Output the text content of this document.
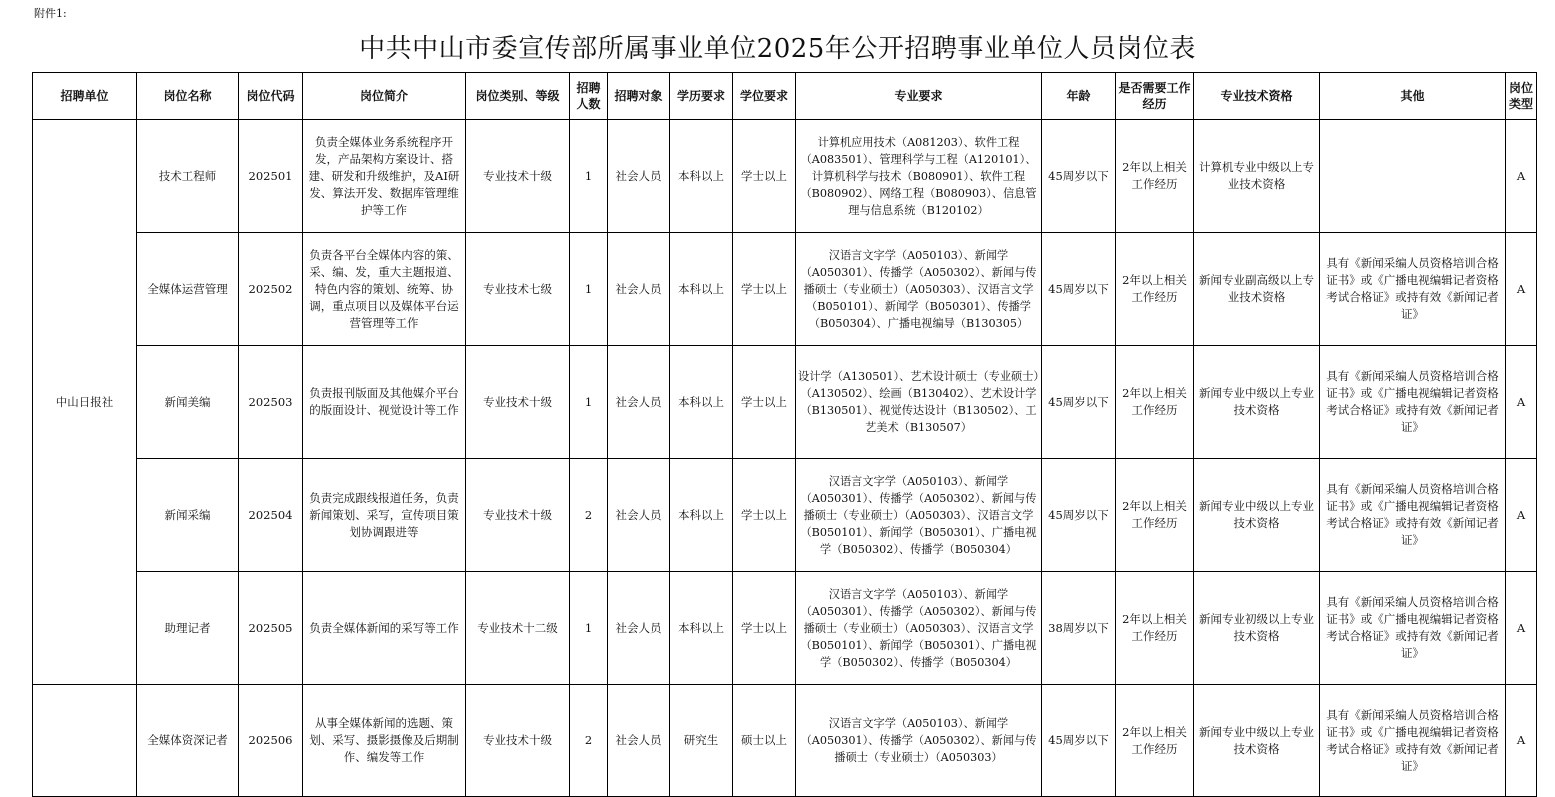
附件1:
中共中山市委宣传部所属事业单位2025年公开招聘事业单位人员岗位表
招聘单位	岗位名称	岗位代码	岗位简介	岗位类别、等级	招聘人数	招聘对象	学历要求	学位要求	专业要求	年龄	是否需要工作经历	专业技术资格	其他	岗位类型
中山日报社	技术工程师	202501	负责全媒体业务系统程序开发，产品架构方案设计、搭建、研发和升级维护，及AI研发、算法开发、数据库管理维护等工作	专业技术十级	1	社会人员	本科以上	学士以上	计算机应用技术（A081203）、软件工程（A083501）、管理科学与工程（A120101）、计算机科学与技术（B080901）、软件工程（B080902）、网络工程（B080903）、信息管理与信息系统（B120102）	45周岁以下	2年以上相关工作经历	计算机专业中级以上专业技术资格		A
	全媒体运营管理	202502	负责各平台全媒体内容的策、采、编、发，重大主题报道、特色内容的策划、统筹、协调，重点项目以及媒体平台运营管理等工作	专业技术七级	1	社会人员	本科以上	学士以上	汉语言文字学（A050103）、新闻学（A050301）、传播学（A050302）、新闻与传播硕士（专业硕士）（A050303）、汉语言文学（B050101）、新闻学（B050301）、传播学（B050304）、广播电视编导（B130305）	45周岁以下	2年以上相关工作经历	新闻专业副高级以上专业技术资格	具有《新闻采编人员资格培训合格证书》或《广播电视编辑记者资格考试合格证》或持有效《新闻记者证》	A
	新闻美编	202503	负责报刊版面及其他媒介平台的版面设计、视觉设计等工作	专业技术十级	1	社会人员	本科以上	学士以上	设计学（A130501）、艺术设计硕士（专业硕士）（A130502）、绘画（B130402）、艺术设计学（B130501）、视觉传达设计（B130502）、工艺美术（B130507）	45周岁以下	2年以上相关工作经历	新闻专业中级以上专业技术资格	具有《新闻采编人员资格培训合格证书》或《广播电视编辑记者资格考试合格证》或持有效《新闻记者证》	A
	新闻采编	202504	负责完成跟线报道任务，负责新闻策划、采写，宣传项目策划协调跟进等	专业技术十级	2	社会人员	本科以上	学士以上	汉语言文字学（A050103）、新闻学（A050301）、传播学（A050302）、新闻与传播硕士（专业硕士）（A050303）、汉语言文学（B050101）、新闻学（B050301）、广播电视学（B050302）、传播学（B050304）	45周岁以下	2年以上相关工作经历	新闻专业中级以上专业技术资格	具有《新闻采编人员资格培训合格证书》或《广播电视编辑记者资格考试合格证》或持有效《新闻记者证》	A
	助理记者	202505	负责全媒体新闻的采写等工作	专业技术十二级	1	社会人员	本科以上	学士以上	汉语言文字学（A050103）、新闻学（A050301）、传播学（A050302）、新闻与传播硕士（专业硕士）（A050303）、汉语言文学（B050101）、新闻学（B050301）、广播电视学（B050302）、传播学（B050304）	38周岁以下	2年以上相关工作经历	新闻专业初级以上专业技术资格	具有《新闻采编人员资格培训合格证书》或《广播电视编辑记者资格考试合格证》或持有效《新闻记者证》	A
	全媒体资深记者	202506	从事全媒体新闻的选题、策划、采写、摄影摄像及后期制作、编发等工作	专业技术十级	2	社会人员	研究生	硕士以上	汉语言文字学（A050103）、新闻学（A050301）、传播学（A050302）、新闻与传播硕士（专业硕士）（A050303）	45周岁以下	2年以上相关工作经历	新闻专业中级以上专业技术资格	具有《新闻采编人员资格培训合格证书》或《广播电视编辑记者资格考试合格证》或持有效《新闻记者证》	A
